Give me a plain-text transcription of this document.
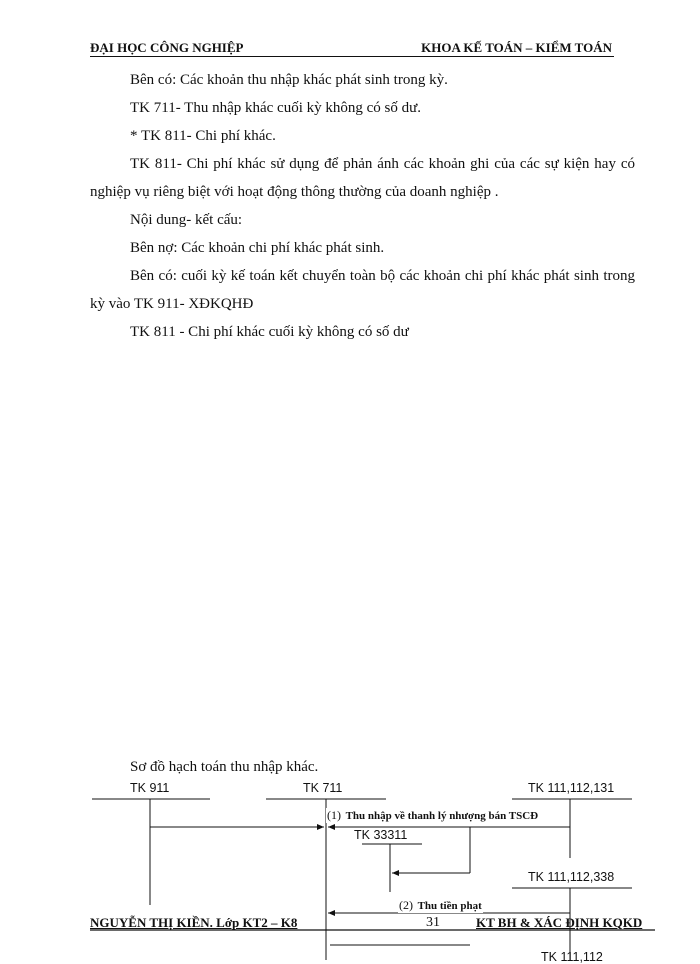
ĐẠI HỌC CÔNG NGHIỆP	KHOA KẾ TOÁN – KIỂM TOÁN

Bên có: Các khoản thu nhập khác phát sinh trong kỳ.

TK 711- Thu nhập khác cuối kỳ không có số dư.

* TK 811- Chi phí khác.

TK 811- Chi phí khác sử dụng để phản ánh các khoản ghi của các sự kiện hay có nghiệp vụ riêng biệt với hoạt động thông thường của doanh nghiệp .

Nội dung- kết cấu:

Bên nợ: Các khoản chi phí khác phát sinh.

Bên có: cuối kỳ kế toán kết chuyển toàn bộ các khoản chi phí khác phát sinh trong kỳ vào TK 911- XĐKQHĐ

TK 811 - Chi phí khác cuối kỳ không có số dư

Sơ đồ hạch toán thu nhập khác.
TK 911	TK 711	TK 111,112,131
TK 33311
TK 111,112,338
TK 111,112
(1) Thu nhập về thanh lý nhượng bán TSCĐ
(2) Thu tiền phạt
NGUYỄN THỊ KIỀN. Lớp KT2 – K8	31	KT BH & XÁC ĐỊNH KQKD
